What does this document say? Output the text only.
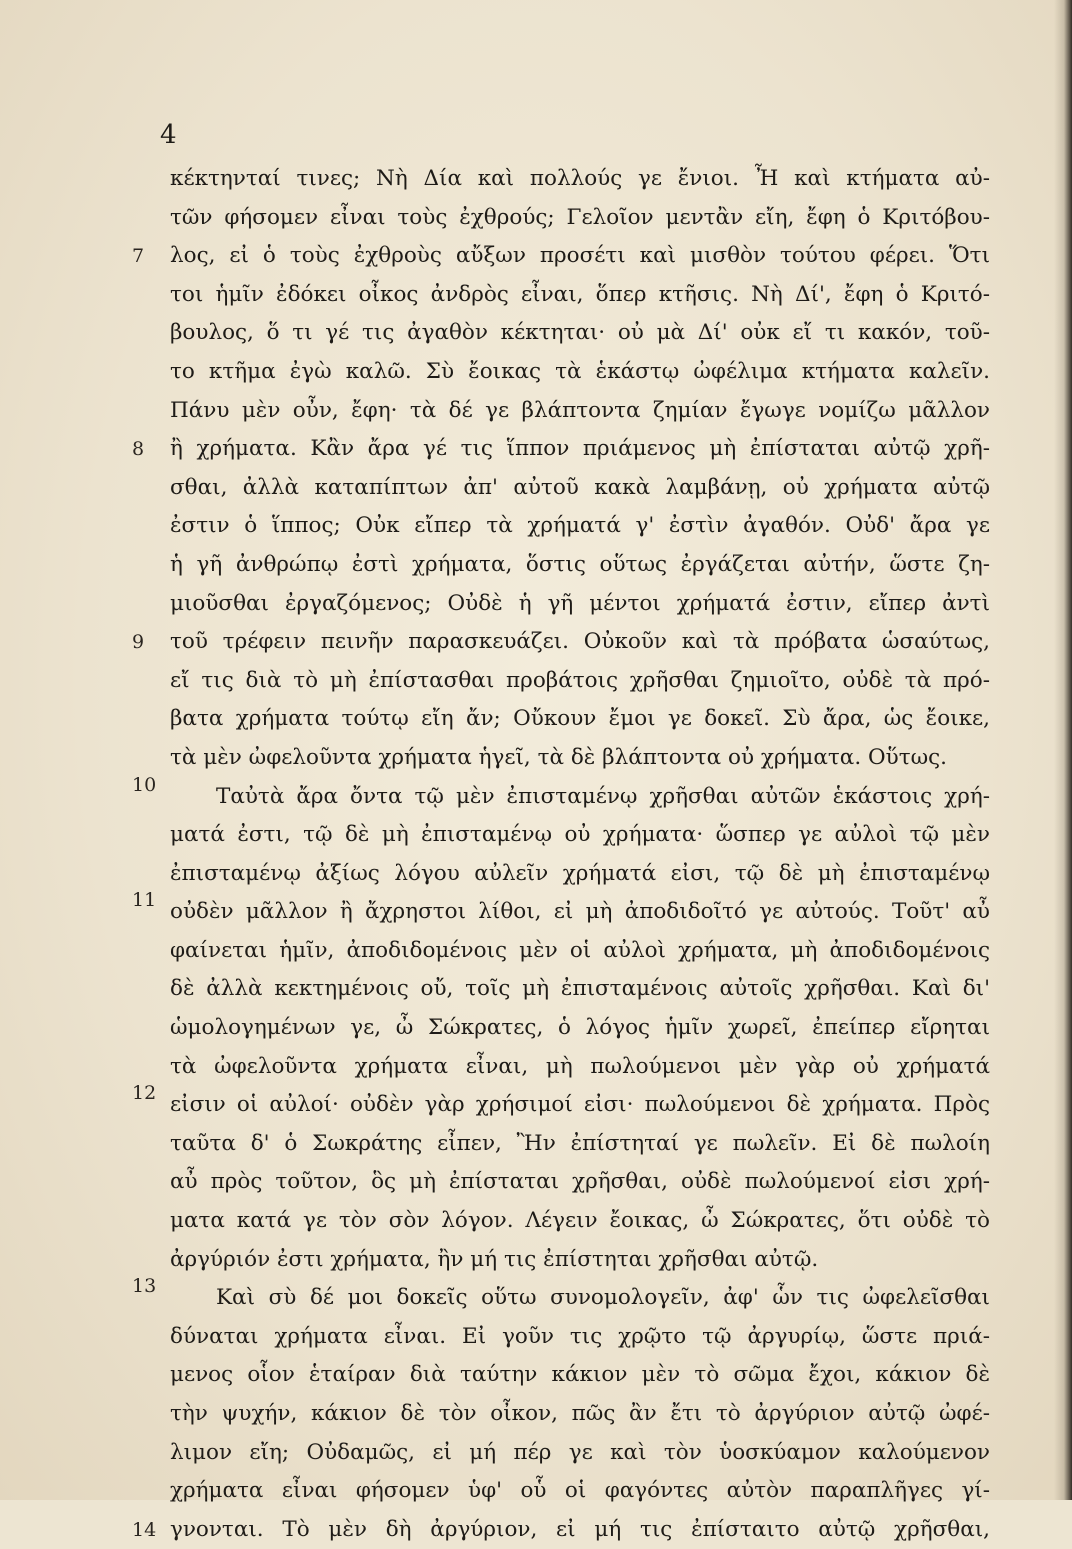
4
κέκτηνταί τινες; Νὴ Δία καὶ πολλούς γε ἔνιοι. Ἦ καὶ κτήματα αὐ-
τῶν φήσομεν εἶναι τοὺς ἐχθρούς; Γελοῖον μεντἂν εἴη, ἔφη ὁ Κριτόβου-
7	λος, εἰ ὁ τοὺς ἐχθροὺς αὔξων προσέτι καὶ μισθὸν τούτου φέρει. Ὅτι
τοι ἡμῖν ἐδόκει οἶκος ἀνδρὸς εἶναι, ὅπερ κτῆσις. Νὴ Δί', ἔφη ὁ Κριτό-
βουλος, ὅ τι γέ τις ἀγαθὸν κέκτηται· οὐ μὰ Δί' οὐκ εἴ τι κακόν, τοῦ-
το κτῆμα ἐγὼ καλῶ. Σὺ ἔοικας τὰ ἑκάστῳ ὠφέλιμα κτήματα καλεῖν.
Πάνυ μὲν οὖν, ἔφη· τὰ δέ γε βλάπτοντα ζημίαν ἔγωγε νομίζω μᾶλλον
8	ἢ χρήματα. Κἂν ἄρα γέ τις ἵππον πριάμενος μὴ ἐπίσταται αὐτῷ χρῆ-
σθαι, ἀλλὰ καταπίπτων ἀπ' αὐτοῦ κακὰ λαμβάνῃ, οὐ χρήματα αὐτῷ
ἐστιν ὁ ἵππος; Οὐκ εἴπερ τὰ χρήματά γ' ἐστὶν ἀγαθόν. Οὐδ' ἄρα γε
ἡ γῆ ἀνθρώπῳ ἐστὶ χρήματα, ὅστις οὕτως ἐργάζεται αὐτήν, ὥστε ζη-
μιοῦσθαι ἐργαζόμενος; Οὐδὲ ἡ γῆ μέντοι χρήματά ἐστιν, εἴπερ ἀντὶ
9	τοῦ τρέφειν πεινῆν παρασκευάζει. Οὐκοῦν καὶ τὰ πρόβατα ὡσαύτως,
εἴ τις διὰ τὸ μὴ ἐπίστασθαι προβάτοις χρῆσθαι ζημιοῖτο, οὐδὲ τὰ πρό-
βατα χρήματα τούτῳ εἴη ἄν; Οὔκουν ἔμοι γε δοκεῖ. Σὺ ἄρα, ὡς ἔοικε,
τὰ μὲν ὠφελοῦντα χρήματα ἡγεῖ, τὰ δὲ βλάπτοντα οὐ χρήματα. Οὕτως.
10	Ταὐτὰ ἄρα ὄντα τῷ μὲν ἐπισταμένῳ χρῆσθαι αὐτῶν ἑκάστοις χρή-
ματά ἐστι, τῷ δὲ μὴ ἐπισταμένῳ οὐ χρήματα· ὥσπερ γε αὐλοὶ τῷ μὲν
ἐπισταμένῳ ἀξίως λόγου αὐλεῖν χρήματά εἰσι, τῷ δὲ μὴ ἐπισταμένῳ
11 οὐδὲν μᾶλλον ἢ ἄχρηστοι λίθοι, εἰ μὴ ἀποδιδοῖτό γε αὐτούς. Τοῦτ' αὖ
φαίνεται ἡμῖν, ἀποδιδομένοις μὲν οἱ αὐλοὶ χρήματα, μὴ ἀποδιδομένοις
δὲ ἀλλὰ κεκτημένοις οὔ, τοῖς μὴ ἐπισταμένοις αὐτοῖς χρῆσθαι. Καὶ δι'
ὡμολογημένων γε, ὦ Σώκρατες, ὁ λόγος ἡμῖν χωρεῖ, ἐπείπερ εἴρηται
τὰ ὠφελοῦντα χρήματα εἶναι, μὴ πωλούμενοι μὲν γὰρ οὐ χρήματά
12 εἰσιν οἱ αὐλοί· οὐδὲν γὰρ χρήσιμοί εἰσι· πωλούμενοι δὲ χρήματα. Πρὸς
ταῦτα δ' ὁ Σωκράτης εἶπεν, Ἢν ἐπίστηταί γε πωλεῖν. Εἰ δὲ πωλοίη
αὖ πρὸς τοῦτον, ὃς μὴ ἐπίσταται χρῆσθαι, οὐδὲ πωλούμενοί εἰσι χρή-
ματα κατά γε τὸν σὸν λόγον. Λέγειν ἔοικας, ὦ Σώκρατες, ὅτι οὐδὲ τὸ
ἀργύριόν ἐστι χρήματα, ἢν μή τις ἐπίστηται χρῆσθαι αὐτῷ.
13	Καὶ σὺ δέ μοι δοκεῖς οὕτω συνομολογεῖν, ἀφ' ὧν τις ὠφελεῖσθαι
δύναται χρήματα εἶναι. Εἰ γοῦν τις χρῷτο τῷ ἀργυρίῳ, ὥστε πριά-
μενος οἷον ἑταίραν διὰ ταύτην κάκιον μὲν τὸ σῶμα ἔχοι, κάκιον δὲ
τὴν ψυχήν, κάκιον δὲ τὸν οἶκον, πῶς ἂν ἔτι τὸ ἀργύριον αὐτῷ ὠφέ-
λιμον εἴη; Οὐδαμῶς, εἰ μή πέρ γε καὶ τὸν ὑοσκύαμον καλούμενον
χρήματα εἶναι φήσομεν ὑφ' οὗ οἱ φαγόντες αὐτὸν παραπλῆγες γί-
14 γνονται. Τὸ μὲν δὴ ἀργύριον, εἰ μή τις ἐπίσταιτο αὐτῷ χρῆσθαι,
